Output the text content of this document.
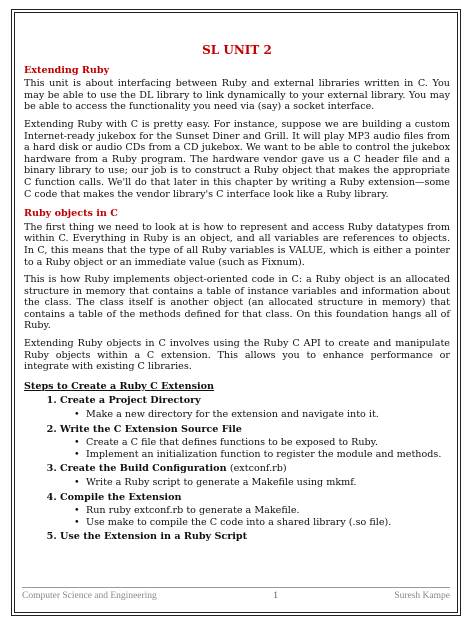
SL UNIT 2
Extending Ruby

This unit is about interfacing between Ruby and external libraries written in C. You may be able to use the DL library to link dynamically to your external library. You may be able to access the functionality you need via (say) a socket interface.

Extending Ruby with C is pretty easy. For instance, suppose we are building a custom Internet-ready jukebox for the Sunset Diner and Grill. It will play MP3 audio files from a hard disk or audio CDs from a CD jukebox. We want to be able to control the jukebox hardware from a Ruby program. The hardware vendor gave us a C header file and a binary library to use; our job is to construct a Ruby object that makes the appropriate C function calls. We'll do that later in this chapter by writing a Ruby extension—some C code that makes the vendor library's C interface look like a Ruby library.

Ruby objects in C

The first thing we need to look at is how to represent and access Ruby datatypes from within C. Everything in Ruby is an object, and all variables are references to objects. In C, this means that the type of all Ruby variables is VALUE, which is either a pointer to a Ruby object or an immediate value (such as Fixnum).

This is how Ruby implements object-oriented code in C: a Ruby object is an allocated structure in memory that contains a table of instance variables and information about the class. The class itself is another object (an allocated structure in memory) that contains a table of the methods defined for that class. On this foundation hangs all of Ruby.

Extending Ruby objects in C involves using the Ruby C API to create and manipulate Ruby objects within a C extension. This allows you to enhance performance or integrate with existing C libraries.

Steps to Create a Ruby C Extension
1. Create a Project Directory
• Make a new directory for the extension and navigate into it.
2. Write the C Extension Source File
• Create a C file that defines functions to be exposed to Ruby.
• Implement an initialization function to register the module and methods.
3. Create the Build Configuration (extconf.rb)
• Write a Ruby script to generate a Makefile using mkmf.
4. Compile the Extension
• Run ruby extconf.rb to generate a Makefile.
• Use make to compile the C code into a shared library (.so file).
5. Use the Extension in a Ruby Script
Computer Science and Engineering	1	Suresh Kampe
